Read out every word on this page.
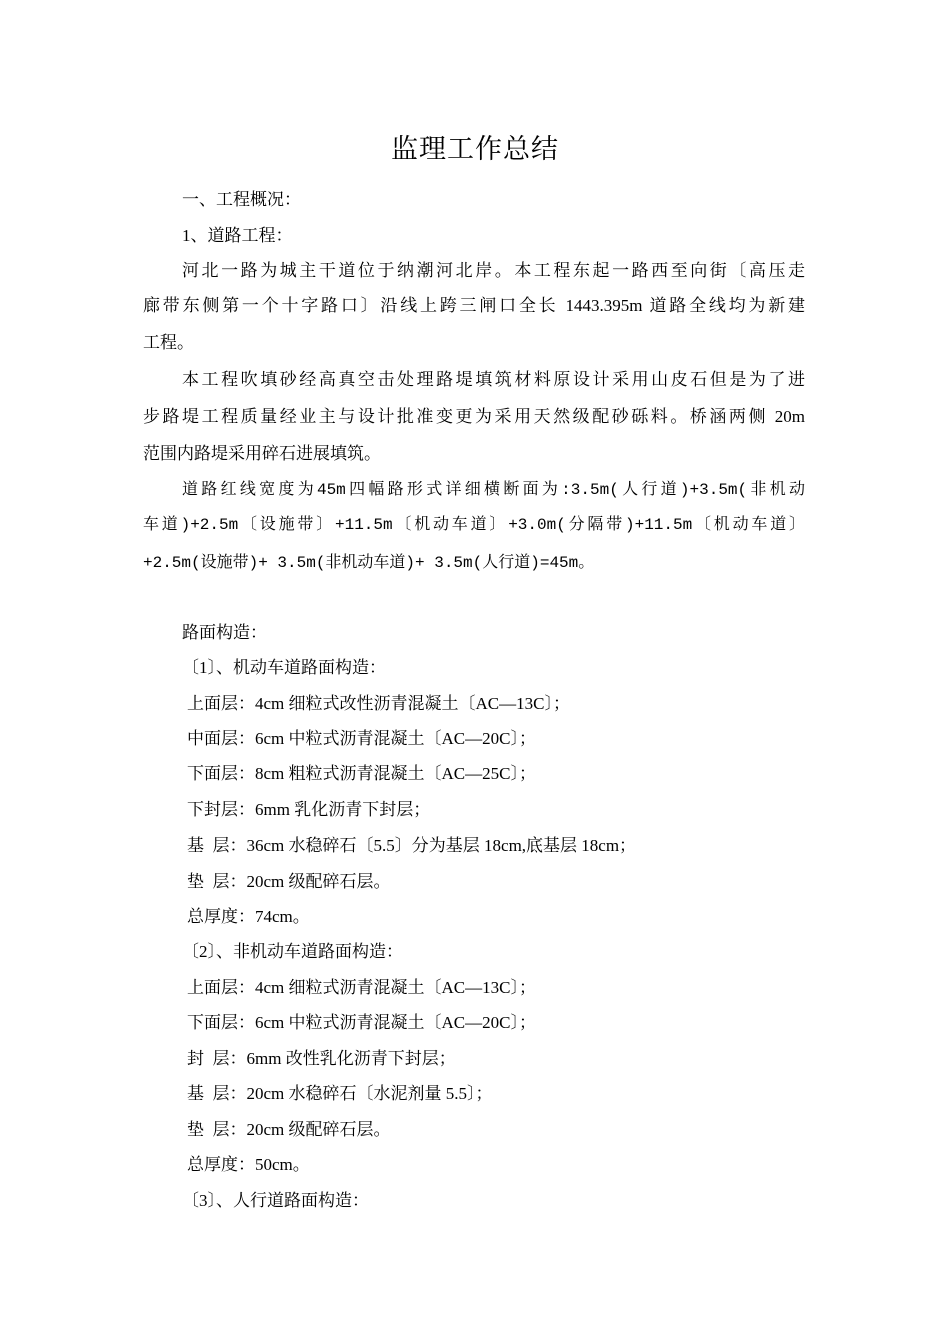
监理工作总结

一、工程概况：

1、道路工程：

河北一路为城主干道位于纳潮河北岸。本工程东起一路西至向街〔高压走

廊带东侧第一个十字路口〕沿线上跨三闸口全长 1443.395m 道路全线均为新建

工程。

本工程吹填砂经高真空击处理路堤填筑材料原设计采用山皮石但是为了进

步路堤工程质量经业主与设计批准变更为采用天然级配砂砾料。桥涵两侧 20m

范围内路堤采用碎石进展填筑。

道路红线宽度为45m四幅路形式详细横断面为:3.5m(人行道)+3.5m(非机动

车道)+2.5m〔设施带〕+11.5m〔机动车道〕+3.0m(分隔带)+11.5m〔机动车道〕

+2.5m(设施带)+ 3.5m(非机动车道)+ 3.5m(人行道)=45m。

路面构造：

〔1〕、机动车道路面构造：

上面层：4cm 细粒式改性沥青混凝土〔AC—13C〕；

中面层：6cm 中粒式沥青混凝土〔AC—20C〕；

下面层：8cm 粗粒式沥青混凝土〔AC—25C〕；

下封层：6mm 乳化沥青下封层；

基  层：36cm 水稳碎石〔5.5〕分为基层 18cm,底基层 18cm；

垫  层：20cm 级配碎石层。

总厚度：74cm。

〔2〕、非机动车道路面构造：

上面层：4cm 细粒式沥青混凝土〔AC—13C〕；

下面层：6cm 中粒式沥青混凝土〔AC—20C〕；

封  层：6mm 改性乳化沥青下封层；

基  层：20cm 水稳碎石〔水泥剂量 5.5〕；

垫  层：20cm 级配碎石层。

总厚度：50cm。

〔3〕、人行道路面构造：
